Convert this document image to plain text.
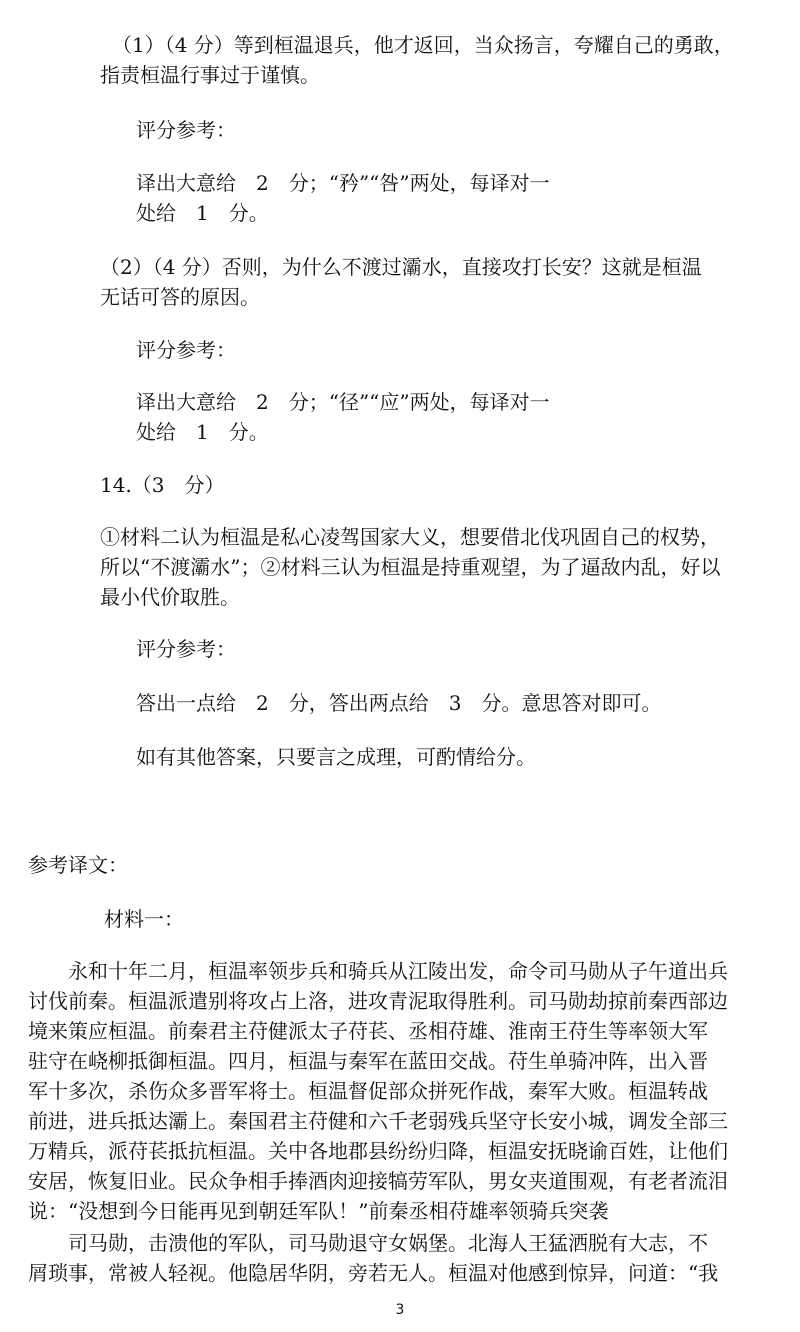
（1）（4 分）等到桓温退兵，他才返回，当众扬言，夸耀自己的勇敢，
指责桓温行事过于谨慎。

评分参考：

译出大意给　2　分；“矜”“咎”两处，每译对一
处给　1　分。

（2）（4 分）否则，为什么不渡过灞水，直接攻打长安？这就是桓温
无话可答的原因。

评分参考：

译出大意给　2　分；“径”“应”两处，每译对一
处给　1　分。

14.（3　分）

①材料二认为桓温是私心凌驾国家大义，想要借北伐巩固自己的权势，
所以“不渡灞水”；②材料三认为桓温是持重观望，为了逼敌内乱，好以
最小代价取胜。

评分参考：

答出一点给　2　分，答出两点给　3　分。意思答对即可。

如有其他答案，只要言之成理，可酌情给分。

参考译文：

材料一：

　　永和十年二月，桓温率领步兵和骑兵从江陵出发，命令司马勋从子午道出兵
讨伐前秦。桓温派遣别将攻占上洛，进攻青泥取得胜利。司马勋劫掠前秦西部边
境来策应桓温。前秦君主苻健派太子苻苌、丞相苻雄、淮南王苻生等率领大军
驻守在峣柳抵御桓温。四月，桓温与秦军在蓝田交战。苻生单骑冲阵，出入晋
军十多次，杀伤众多晋军将士。桓温督促部众拼死作战，秦军大败。桓温转战
前进，进兵抵达灞上。秦国君主苻健和六千老弱残兵坚守长安小城，调发全部三
万精兵，派苻苌抵抗桓温。关中各地郡县纷纷归降，桓温安抚晓谕百姓，让他们
安居，恢复旧业。民众争相手捧酒肉迎接犒劳军队，男女夹道围观，有老者流泪
说：“没想到今日能再见到朝廷军队！”前秦丞相苻雄率领骑兵突袭

　　司马勋，击溃他的军队，司马勋退守女娲堡。北海人王猛洒脱有大志，不
屑琐事，常被人轻视。他隐居华阴，旁若无人。桓温对他感到惊异，问道：“我

3
